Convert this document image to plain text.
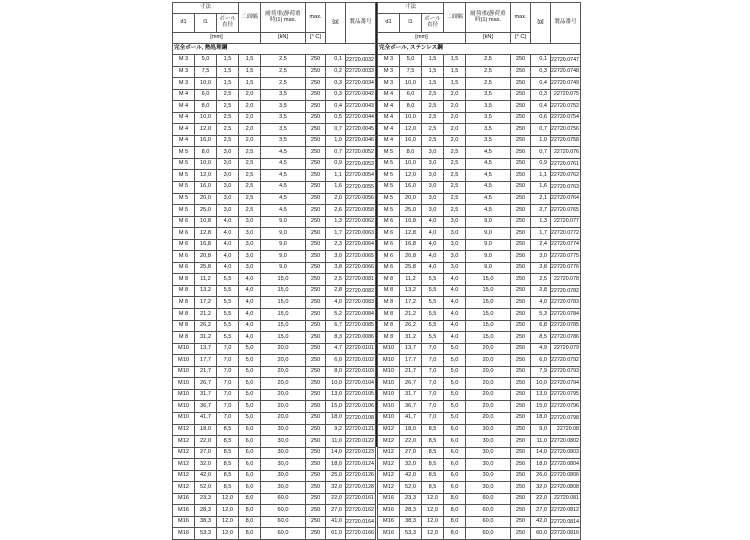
寸法			二面幅	耐荷重(静荷重時)1) max.	max.	[g]	製品番号
d1	l1	ボール直径					
[mm]				[kN]	[° C]		
完全ボール, 熱処理鋼							
M 3	5,0	1,5	1,5	2,5	250	0,1	22720.0032
M 3	7,5	1,5	1,5	2,5	250	0,2	22720.0033
M 3	10,0	1,5	1,5	2,5	250	0,3	22720.0034
M 4	6,0	2,5	2,0	3,5	250	0,3	22720.0042
M 4	8,0	2,5	2,0	3,5	250	0,4	22720.0043
M 4	10,0	2,5	2,0	3,5	250	0,5	22720.0044
M 4	12,0	2,5	2,0	3,5	250	0,7	22720.0045
M 4	16,0	2,5	2,0	3,5	250	1,0	22720.0046
M 5	8,0	3,0	2,5	4,5	250	0,7	22720.0052
M 5	10,0	3,0	2,5	4,5	250	0,9	22720.0053
M 5	12,0	3,0	2,5	4,5	250	1,1	22720.0054
M 5	16,0	3,0	2,5	4,5	250	1,6	22720.0055
M 5	20,0	3,0	2,5	4,5	250	2,0	22720.0056
M 5	25,0	3,0	2,5	4,5	250	2,6	22720.0058
M 6	10,8	4,0	3,0	9,0	250	1,3	22720.0062
M 6	12,8	4,0	3,0	9,0	250	1,7	22720.0063
M 6	16,8	4,0	3,0	9,0	250	2,3	22720.0064
M 6	20,8	4,0	3,0	9,0	250	3,0	22720.0065
M 6	25,8	4,0	3,0	9,0	250	3,8	22720.0066
M 8	11,2	5,5	4,0	15,0	250	2,5	22720.0081
M 8	13,2	5,5	4,0	15,0	250	2,8	22720.0082
M 8	17,2	5,5	4,0	15,0	250	4,0	22720.0083
M 8	21,2	5,5	4,0	15,0	250	5,2	22720.0084
M 8	26,2	5,5	4,0	15,0	250	6,7	22720.0085
M 8	31,2	5,5	4,0	15,0	250	8,3	22720.0086
M10	13,7	7,0	5,0	20,0	250	4,7	22720.0101
M10	17,7	7,0	5,0	20,0	250	6,0	22720.0102
M10	21,7	7,0	5,0	20,0	250	8,0	22720.0103
M10	26,7	7,0	5,0	20,0	250	10,0	22720.0104
M10	31,7	7,0	5,0	20,0	250	13,0	22720.0105
M10	36,7	7,0	5,0	20,0	250	15,0	22720.0106
M10	41,7	7,0	5,0	20,0	250	18,0	22720.0108
M12	18,0	8,5	6,0	30,0	250	9,2	22720.0121
M12	22,0	8,5	6,0	30,0	250	11,0	22720.0122
M12	27,0	8,5	6,0	30,0	250	14,0	22720.0123
M12	32,0	8,5	6,0	30,0	250	18,0	22720.0124
M12	42,0	8,5	6,0	30,0	250	25,0	22720.0126
M12	52,0	8,5	6,0	30,0	250	32,0	22720.0128
M16	23,3	12,0	8,0	60,0	250	22,0	22720.0161
M16	28,3	12,0	8,0	60,0	250	27,0	22720.0162
M16	38,3	12,0	8,0	60,0	250	41,0	22720.0164
M16	53,3	12,0	8,0	60,0	250	61,0	22720.0166
寸法			二面幅	耐荷重(静荷重時)1) max.	max.	[g]	製品番号
d1	l1	ボール直径					
[mm]				[kN]	[° C]		
完全ボール, ステンレス鋼							
M 3	5,0	1,5	1,5	2,5	250	0,1	22720.0747
M 3	7,5	1,5	1,5	2,5	250	0,3	22720.0748
M 3	10,0	1,5	1,5	2,5	250	0,4	22720.0749
M 4	6,0	2,5	2,0	3,5	250	0,3	22720.075
M 4	8,0	2,5	2,0	3,5	250	0,4	22720.0752
M 4	10,0	2,5	2,0	3,5	250	0,6	22720.0754
M 4	12,0	2,5	2,0	3,5	250	0,7	22720.0756
M 4	16,0	2,5	2,0	3,5	250	1,0	22720.0758
M 5	8,0	3,0	2,5	4,5	250	0,7	22720.076
M 5	10,0	3,0	2,5	4,5	250	0,9	22720.0761
M 5	12,0	3,0	2,5	4,5	250	1,1	22720.0762
M 5	16,0	3,0	2,5	4,5	250	1,6	22720.0763
M 5	20,0	3,0	2,5	4,5	250	2,1	22720.0764
M 5	25,0	3,0	2,5	4,5	250	2,7	22720.0765
M 6	10,8	4,0	3,0	9,0	250	1,3	22720.077
M 6	12,8	4,0	3,0	9,0	250	1,7	22720.0772
M 6	16,8	4,0	3,0	9,0	250	2,4	22720.0774
M 6	20,8	4,0	3,0	9,0	250	3,0	22720.0775
M 6	25,8	4,0	3,0	9,0	250	3,8	22720.0776
M 8	11,2	5,5	4,0	15,0	250	2,5	22720.078
M 8	13,2	5,5	4,0	15,0	250	2,8	22720.0782
M 8	17,2	5,5	4,0	15,0	250	4,0	22720.0783
M 8	21,2	5,5	4,0	15,0	250	5,3	22720.0784
M 8	26,2	5,5	4,0	15,0	250	6,8	22720.0785
M 8	31,2	5,5	4,0	15,0	250	8,5	22720.0786
M10	13,7	7,0	5,0	20,0	250	4,9	22720.079
M10	17,7	7,0	5,0	20,0	250	6,0	22720.0792
M10	21,7	7,0	5,0	20,0	250	7,9	22720.0793
M10	26,7	7,0	5,0	20,0	250	10,0	22720.0794
M10	31,7	7,0	5,0	20,0	250	13,0	22720.0795
M10	36,7	7,0	5,0	20,0	250	15,0	22720.0796
M10	41,7	7,0	5,0	20,0	250	18,0	22720.0798
M12	18,0	8,5	6,0	30,0	250	9,0	22720.08
M12	22,0	8,5	6,0	30,0	250	11,0	22720.0802
M12	27,0	8,5	6,0	30,0	250	14,0	22720.0803
M12	32,0	8,5	6,0	30,0	250	18,0	22720.0804
M12	42,0	8,5	6,0	30,0	250	26,0	22720.0806
M12	52,0	8,5	6,0	30,0	250	32,0	22720.0808
M16	23,3	12,0	8,0	60,0	250	22,0	22720.081
M16	28,3	12,0	8,0	60,0	250	27,0	22720.0812
M16	38,3	12,0	8,0	60,0	250	42,0	22720.0814
M16	53,3	12,0	8,0	60,0	250	60,0	22720.0816
